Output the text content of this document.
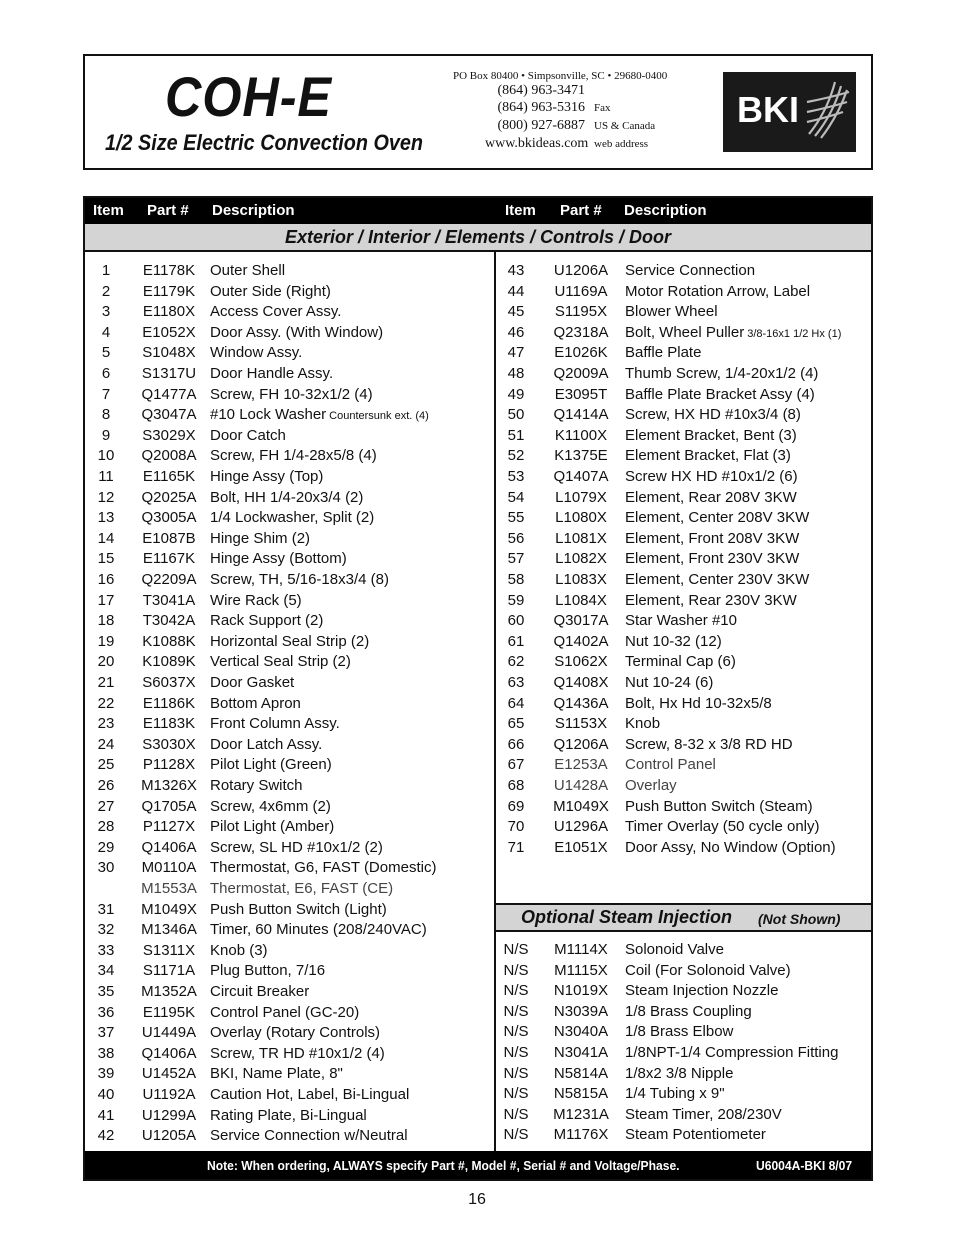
COH-E
1/2 Size Electric Convection Oven
PO Box 80400 • Simpsonville, SC • 29680-0400
(864) 963-3471
(864) 963-5316 Fax
(800) 927-6887 US & Canada
www.bkideas.com web address
BKI
Item Part # Description	Item Part # Description
Exterior / Interior / Elements / Controls / Door
1	E1178K Outer Shell
2	E1179K Outer Side (Right)
3	E1180X Access Cover Assy.
4	E1052X Door Assy. (With Window)
5	S1048X Window Assy.
6	S1317U Door Handle Assy.
7	Q1477A Screw, FH 10-32x1/2 (4)
8	Q3047A #10 Lock Washer Countersunk ext. (4)
9	S3029X Door Catch
10	Q2008A Screw, FH 1/4-28x5/8 (4)
11	E1165K Hinge Assy (Top)
12	Q2025A Bolt, HH 1/4-20x3/4 (2)
13	Q3005A 1/4 Lockwasher, Split (2)
14	E1087B Hinge Shim (2)
15	E1167K Hinge Assy (Bottom)
16	Q2209A Screw, TH, 5/16-18x3/4 (8)
17	T3041A Wire Rack (5)
18	T3042A Rack Support (2)
19	K1088K Horizontal Seal Strip (2)
20	K1089K Vertical Seal Strip (2)
21	S6037X Door Gasket
22	E1186K Bottom Apron
23	E1183K Front Column Assy.
24	S3030X Door Latch Assy.
25	P1128X Pilot Light (Green)
26	M1326X Rotary Switch
27	Q1705A Screw, 4x6mm (2)
28	P1127X Pilot Light (Amber)
29	Q1406A Screw, SL HD #10x1/2 (2)
30	M0110A Thermostat, G6, FAST (Domestic)
M1553A Thermostat, E6, FAST (CE)
31	M1049X Push Button Switch (Light)
32	M1346A Timer, 60 Minutes (208/240VAC)
33	S1311X Knob (3)
34	S1171A Plug Button, 7/16
35	M1352A Circuit Breaker
36	E1195K Control Panel (GC-20)
37	U1449A Overlay (Rotary Controls)
38	Q1406A Screw, TR HD #10x1/2 (4)
39	U1452A BKI, Name Plate, 8"
40	U1192A Caution Hot, Label, Bi-Lingual
41	U1299A Rating Plate, Bi-Lingual
42	U1205A Service Connection w/Neutral
43	U1206A Service Connection
44	U1169A Motor Rotation Arrow, Label
45	S1195X	Blower Wheel
46	Q2318A Bolt, Wheel Puller 3/8-16x1 1/2 Hx (1)
47	E1026K Baffle Plate
48	Q2009A Thumb Screw, 1/4-20x1/2 (4)
49	E3095T	Baffle Plate Bracket Assy (4)
50	Q1414A Screw, HX HD #10x3/4 (8)
51	K1100X	Element Bracket, Bent (3)
52	K1375E Element Bracket, Flat (3)
53	Q1407A Screw HX HD #10x1/2 (6)
54	L1079X	Element, Rear 208V 3KW
55	L1080X	Element, Center 208V 3KW
56	L1081X	Element, Front 208V 3KW
57	L1082X	Element, Front 230V 3KW
58	L1083X	Element, Center 230V 3KW
59	L1084X	Element, Rear 230V 3KW
60	Q3017A Star Washer #10
61	Q1402A Nut 10-32 (12)
62	S1062X Terminal Cap (6)
63	Q1408X Nut 10-24 (6)
64	Q1436A Bolt, Hx Hd 10-32x5/8
65	S1153X	Knob
66	Q1206A Screw, 8-32 x 3/8 RD HD
67	E1253A Control Panel
68	U1428A Overlay
69	M1049X Push Button Switch (Steam)
70	U1296A Timer Overlay (50 cycle only)
71	E1051X Door Assy, No Window (Option)
N/S M1114X Solonoid Valve
N/S M1115X Coil (For Solonoid Valve)
N/S N1019X Steam Injection Nozzle
N/S N3039A 1/8 Brass Coupling
N/S N3040A 1/8 Brass Elbow
N/S N3041A 1/8NPT-1/4 Compression Fitting
N/S N5814A 1/8x2 3/8 Nipple
N/S N5815A 1/4 Tubing x 9"
N/S M1231A Steam Timer, 208/230V
N/S M1176X Steam Potentiometer
Optional Steam Injection (Not Shown)
Note: When ordering, ALWAYS specify Part #, Model #, Serial # and Voltage/Phase.	U6004A-BKI 8/07
16
